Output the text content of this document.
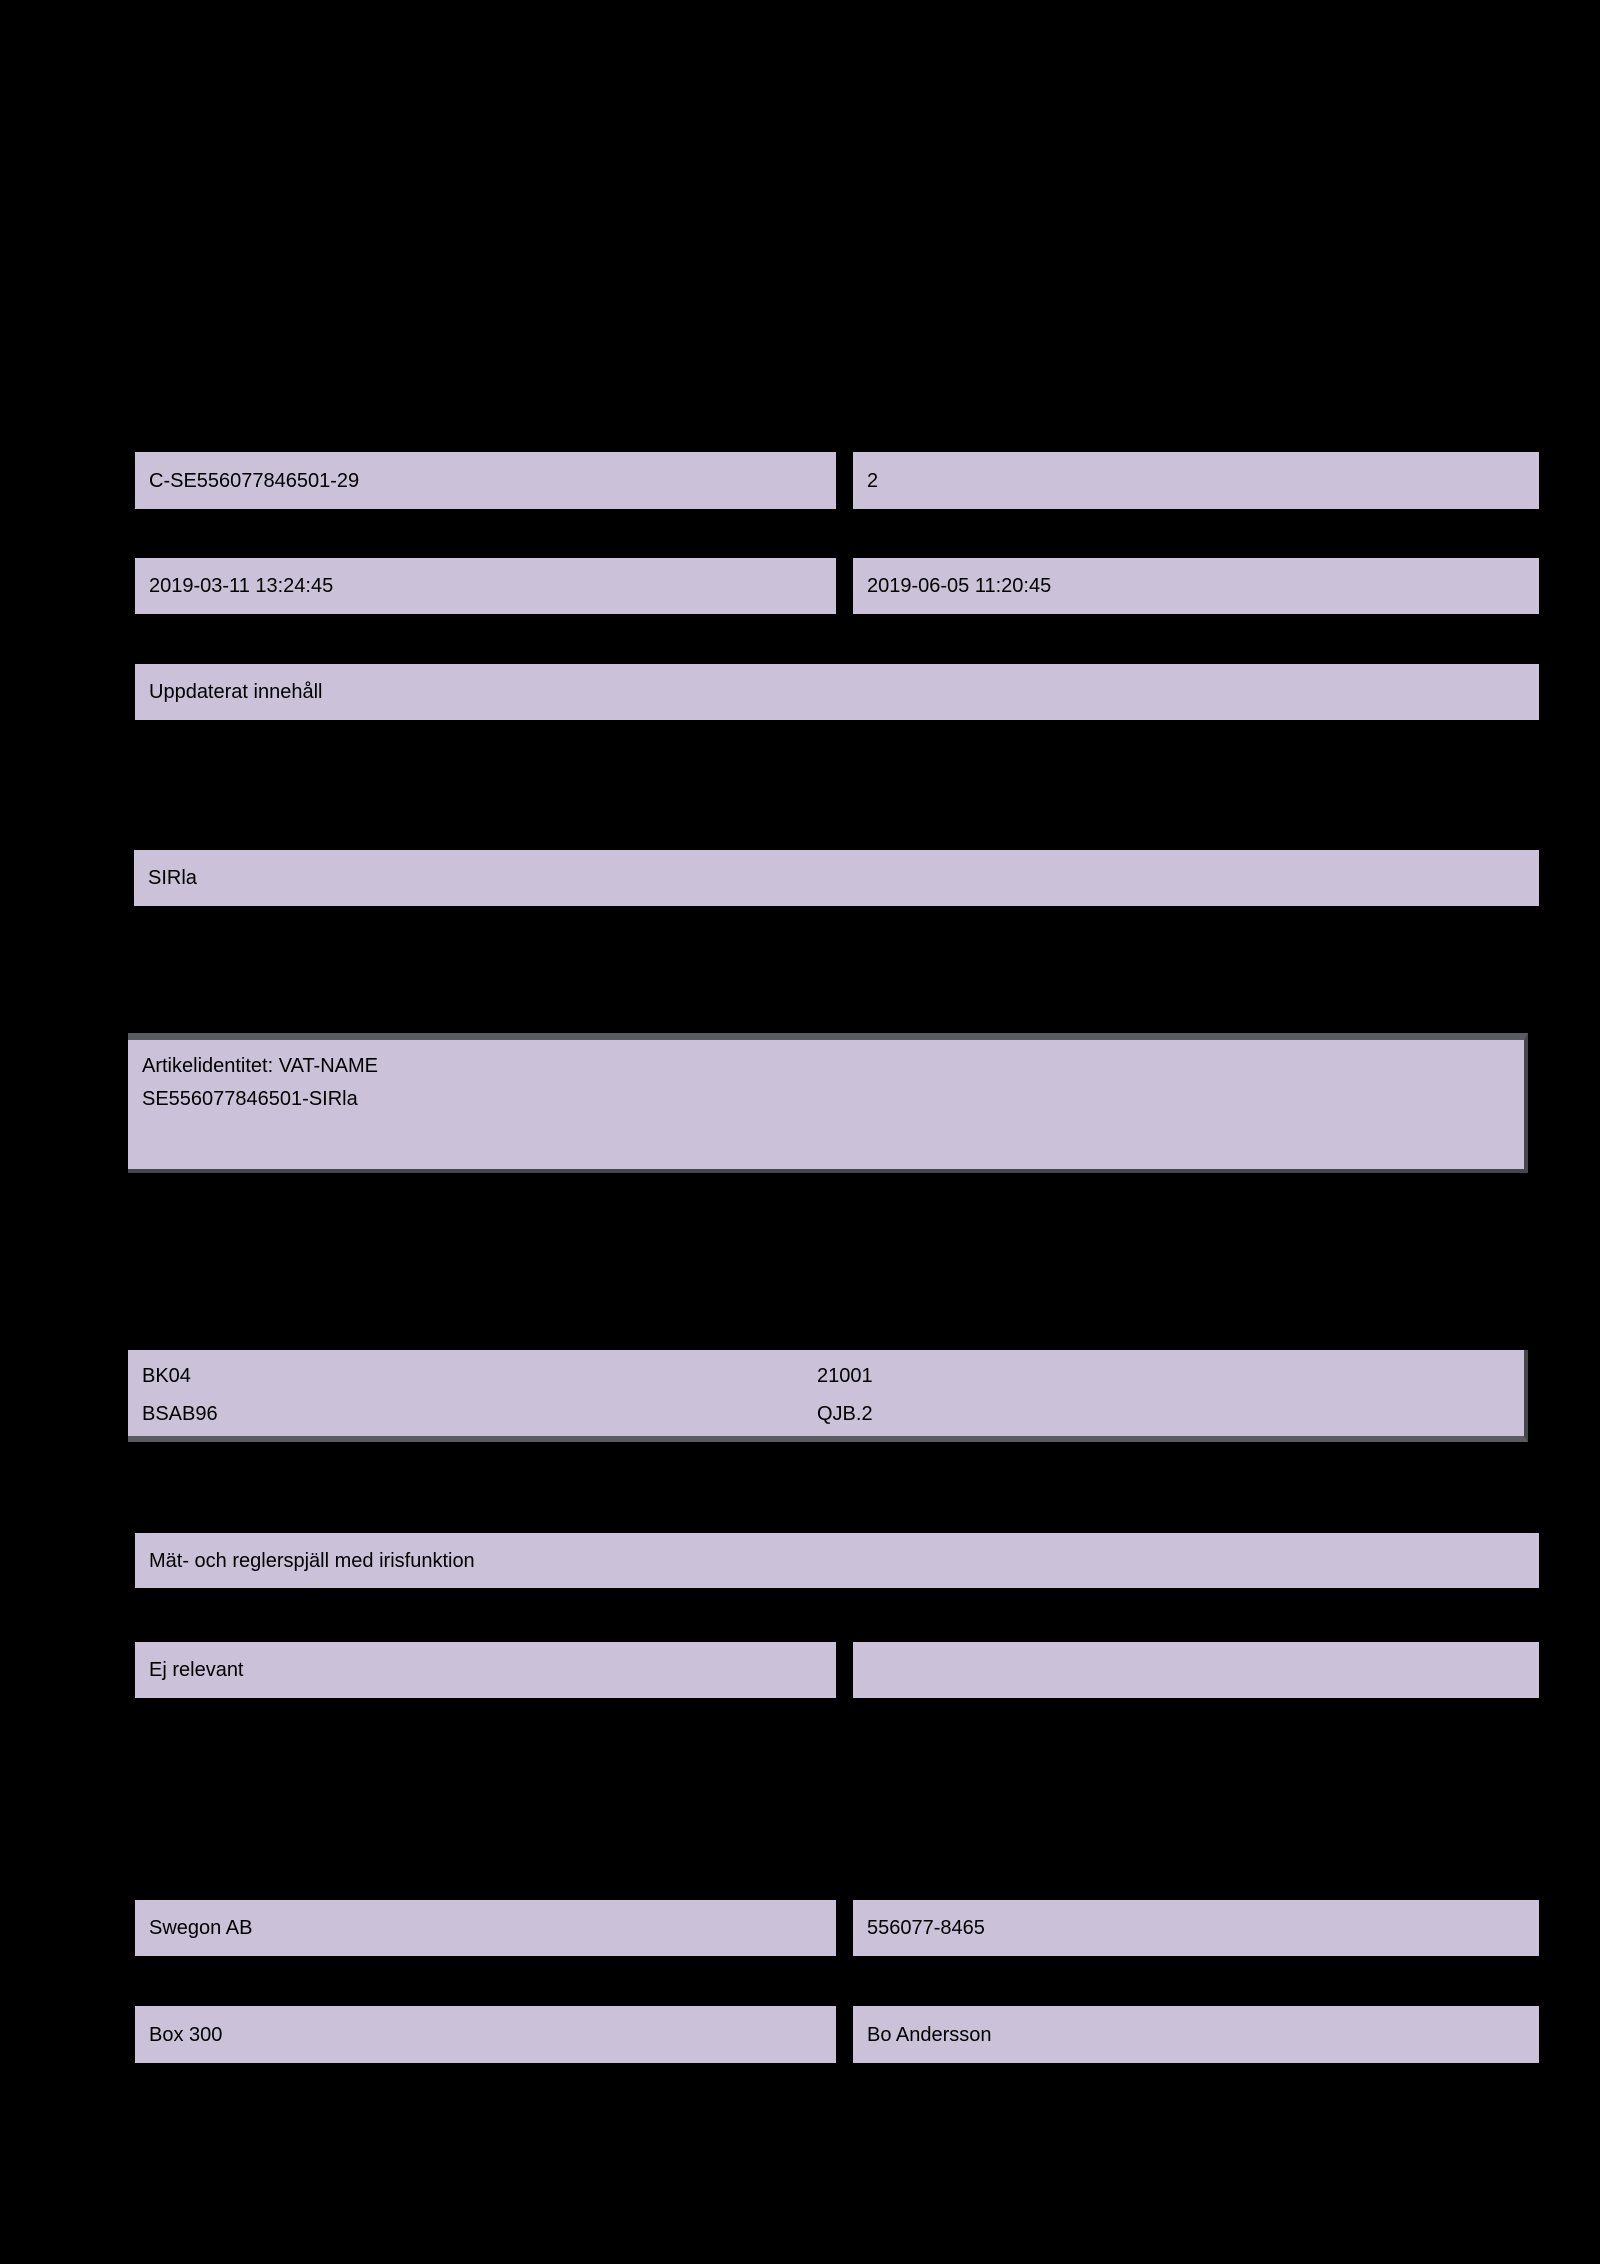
C-SE556077846501-29	2
2019-03-11 13:24:45	2019-06-05 11:20:45
Uppdaterat innehåll
SIRla
Artikelidentitet: VAT-NAME
SE556077846501-SIRla
BK04	21001
BSAB96	QJB.2
Mät- och reglerspjäll med irisfunktion
Ej relevant
Swegon AB	556077-8465
Box 300	Bo Andersson
